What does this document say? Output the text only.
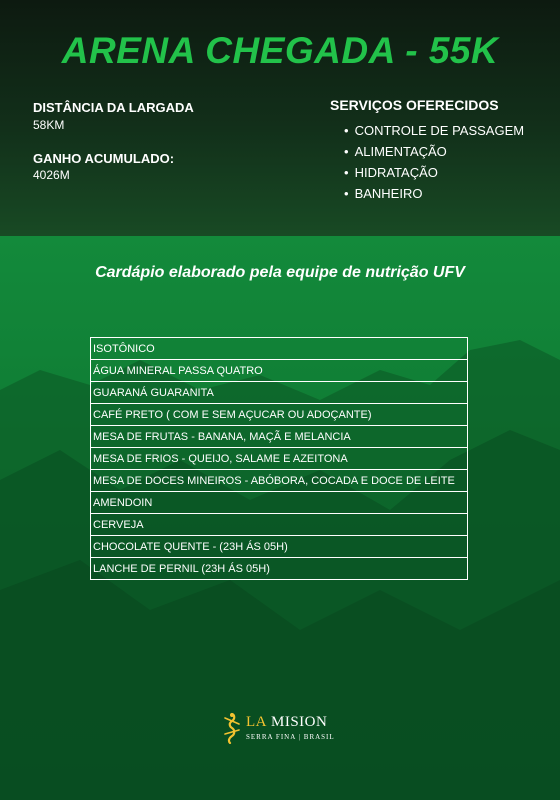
ARENA CHEGADA - 55K
DISTÂNCIA DA LARGADA
58KM
GANHO ACUMULADO:
4026M
SERVIÇOS OFERECIDOS
• CONTROLE DE PASSAGEM
• ALIMENTAÇÃO
• HIDRATAÇÃO
• BANHEIRO
Cardápio elaborado pela equipe de nutrição UFV
ISOTÔNICO
ÁGUA MINERAL PASSA QUATRO
GUARANÁ GUARANITA
CAFÉ PRETO ( COM E SEM AÇUCAR OU ADOÇANTE)
MESA DE FRUTAS - BANANA, MAÇÃ E MELANCIA
MESA DE FRIOS - QUEIJO, SALAME E AZEITONA
MESA DE DOCES MINEIROS - ABÓBORA, COCADA E DOCE DE LEITE
AMENDOIN
CERVEJA
CHOCOLATE QUENTE - (23H ÁS 05H)
LANCHE DE PERNIL (23H ÁS 05H)
LA MISION
SERRA FINA | BRASIL
